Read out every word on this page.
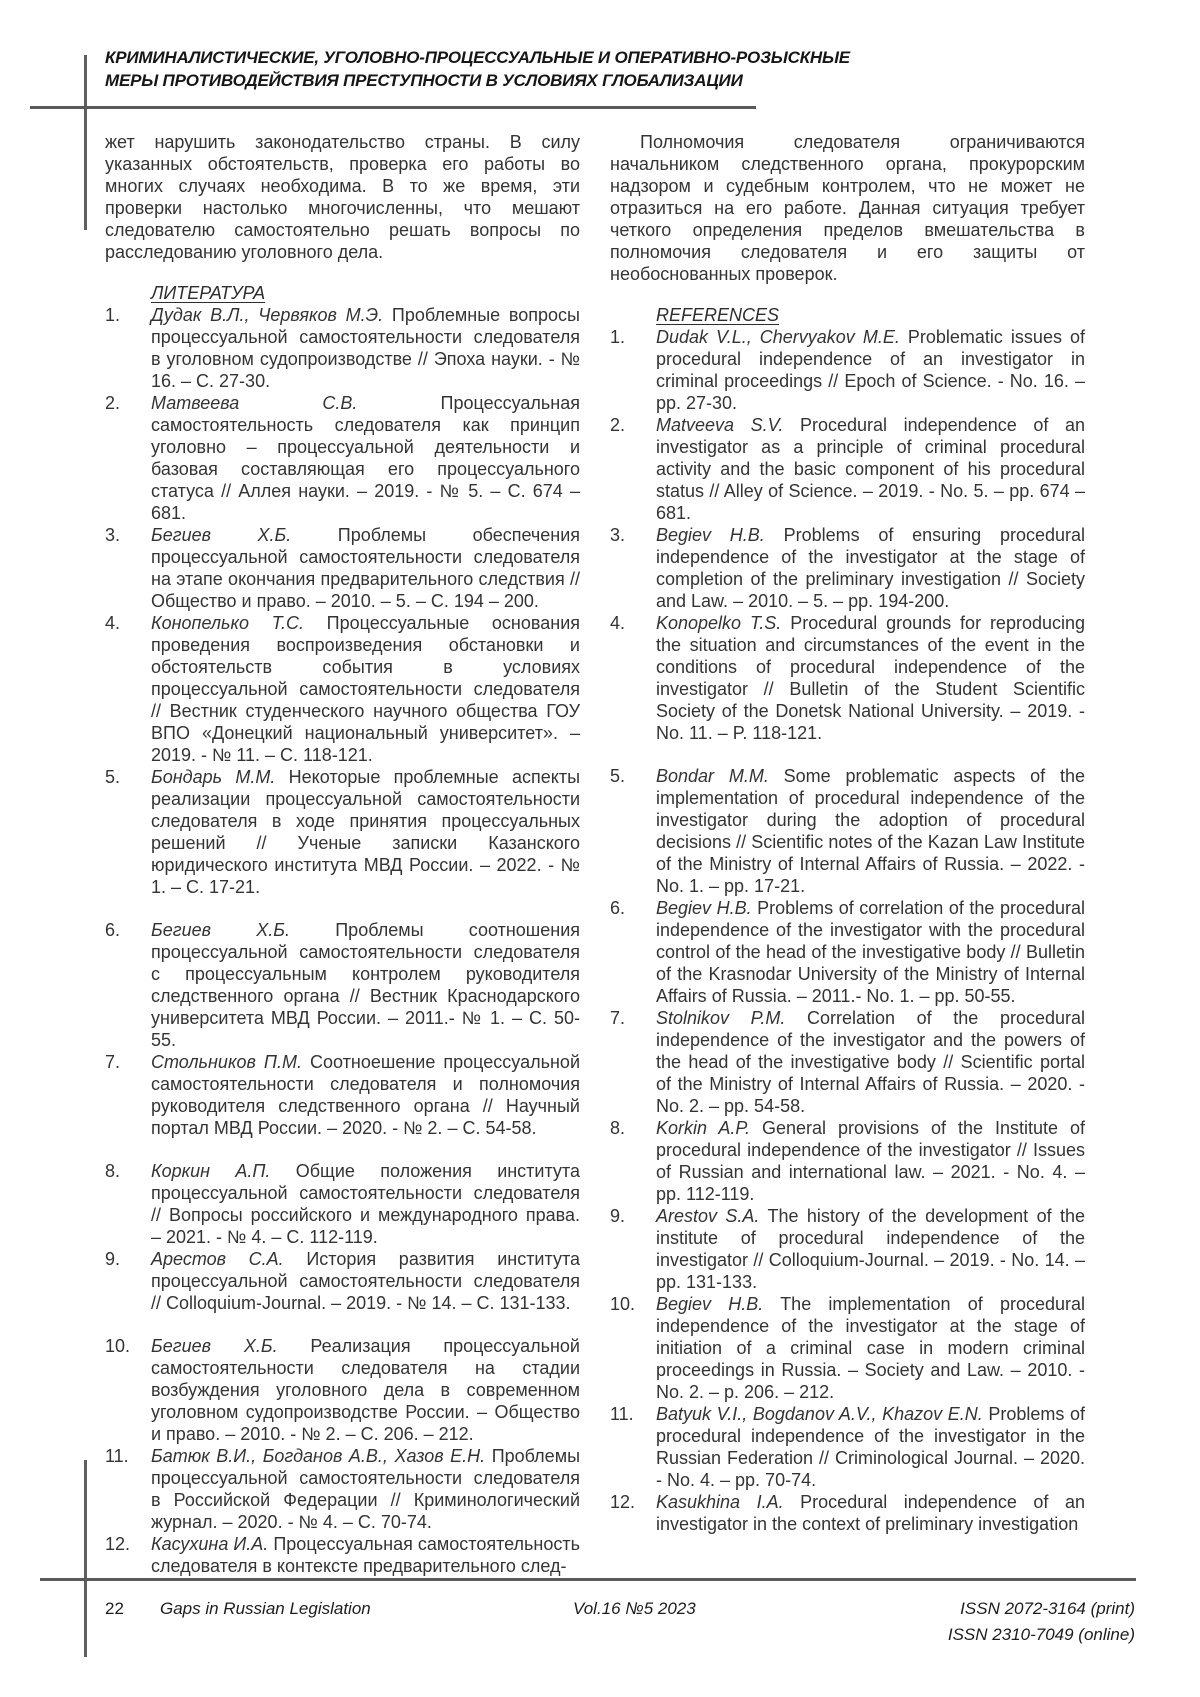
КРИМИНАЛИСТИЧЕСКИЕ, УГОЛОВНО-ПРОЦЕССУАЛЬНЫЕ И ОПЕРАТИВНО-РОЗЫСКНЫЕ
МЕРЫ ПРОТИВОДЕЙСТВИЯ ПРЕСТУПНОСТИ В УСЛОВИЯХ ГЛОБАЛИЗАЦИИ

жет нарушить законодательство страны. В силу указанных обстоятельств, проверка его работы во многих случаях необходима. В то же время, эти проверки настолько многочисленны, что мешают следователю самостоятельно решать вопросы по расследованию уголовного дела.

ЛИТЕРАТУРА
1.	Дудак В.Л., Червяков М.Э. Проблемные вопросы процессуальной самостоятельности следователя в уголовном судопроизводстве // Эпоха науки. - № 16. – С. 27-30.
2.	Матвеева С.В. Процессуальная самостоятельность следователя как принцип уголовно – процессуальной деятельности и базовая составляющая его процессуального статуса // Аллея науки. – 2019. - № 5. – С. 674 – 681.
3.	Бегиев Х.Б. Проблемы обеспечения процессуальной самостоятельности следователя на этапе окончания предварительного следствия // Общество и право. – 2010. – 5. – С. 194 – 200.
4.	Конопелько Т.С. Процессуальные основания проведения воспроизведения обстановки и обстоятельств события в условиях процессуальной самостоятельности следователя // Вестник студенческого научного общества ГОУ ВПО «Донецкий национальный университет». – 2019. - № 11. – С. 118-121.
5.	Бондарь М.М. Некоторые проблемные аспекты реализации процессуальной самостоятельности следователя в ходе принятия процессуальных решений // Ученые записки Казанского юридического института МВД России. – 2022. - № 1. – С. 17-21.
6.	Бегиев Х.Б. Проблемы соотношения процессуальной самостоятельности следователя с процессуальным контролем руководителя следственного органа // Вестник Краснодарского университета МВД России. – 2011.- № 1. – С. 50-55.
7.	Стольников П.М. Соотноешение процессуальной самостоятельности следователя и полномочия руководителя следственного органа // Научный портал МВД России. – 2020. - № 2. – С. 54-58.
8.	Коркин А.П. Общие положения института процессуальной самостоятельности следователя // Вопросы российского и международного права. – 2021. - № 4. – С. 112-119.
9.	Арестов С.А. История развития института процессуальной самостоятельности следователя // Colloquium-Journal. – 2019. - № 14. – С. 131-133.
10.	Бегиев Х.Б. Реализация процессуальной самостоятельности следователя на стадии возбуждения уголовного дела в современном уголовном судопроизводстве России. – Общество и право. – 2010. - № 2. – С. 206. – 212.
11.	Батюк В.И., Богданов А.В., Хазов Е.Н. Проблемы процессуальной самостоятельности следователя в Российской Федерации // Криминологический журнал. – 2020. - № 4. – С. 70-74.
12.	Касухина И.А. Процессуальная самостоятельность следователя в контексте предварительного след-

Полномочия следователя ограничиваются начальником следственного органа, прокурорским надзором и судебным контролем, что не может не отразиться на его работе. Данная ситуация требует четкого определения пределов вмешательства в полномочия следователя и его защиты от необоснованных проверок.

REFERENCES
1.	Dudak V.L., Chervyakov M.E. Problematic issues of procedural independence of an investigator in criminal proceedings // Epoch of Science. - No. 16. – pp. 27-30.
2.	Matveeva S.V. Procedural independence of an investigator as a principle of criminal procedural activity and the basic component of his procedural status // Alley of Science. – 2019. - No. 5. – pp. 674 – 681.
3.	Begiev H.B. Problems of ensuring procedural independence of the investigator at the stage of completion of the preliminary investigation // Society and Law. – 2010. – 5. – pp. 194-200.
4.	Konopelko T.S. Procedural grounds for reproducing the situation and circumstances of the event in the conditions of procedural independence of the investigator // Bulletin of the Student Scientific Society of the Donetsk National University. – 2019. - No. 11. – P. 118-121.
5.	Bondar M.M. Some problematic aspects of the implementation of procedural independence of the investigator during the adoption of procedural decisions // Scientific notes of the Kazan Law Institute of the Ministry of Internal Affairs of Russia. – 2022. - No. 1. – pp. 17-21.
6.	Begiev H.B. Problems of correlation of the procedural independence of the investigator with the procedural control of the head of the investigative body // Bulletin of the Krasnodar University of the Ministry of Internal Affairs of Russia. – 2011.- No. 1. – pp. 50-55.
7.	Stolnikov P.M. Correlation of the procedural independence of the investigator and the powers of the head of the investigative body // Scientific portal of the Ministry of Internal Affairs of Russia. – 2020. - No. 2. – pp. 54-58.
8.	Korkin A.P. General provisions of the Institute of procedural independence of the investigator // Issues of Russian and international law. – 2021. - No. 4. – pp. 112-119.
9.	Arestov S.A. The history of the development of the institute of procedural independence of the investigator // Colloquium-Journal. – 2019. - No. 14. – pp. 131-133.
10.	Begiev H.B. The implementation of procedural independence of the investigator at the stage of initiation of a criminal case in modern criminal proceedings in Russia. – Society and Law. – 2010. - No. 2. – p. 206. – 212.
11.	Batyuk V.I., Bogdanov A.V., Khazov E.N. Problems of procedural independence of the investigator in the Russian Federation // Criminological Journal. – 2020. - No. 4. – pp. 70-74.
12.	Kasukhina I.A. Procedural independence of an investigator in the context of preliminary investigation
22 Gaps in Russian Legislation	Vol.16 №5 2023	ISSN 2072-3164 (print)
ISSN 2310-7049 (online)
